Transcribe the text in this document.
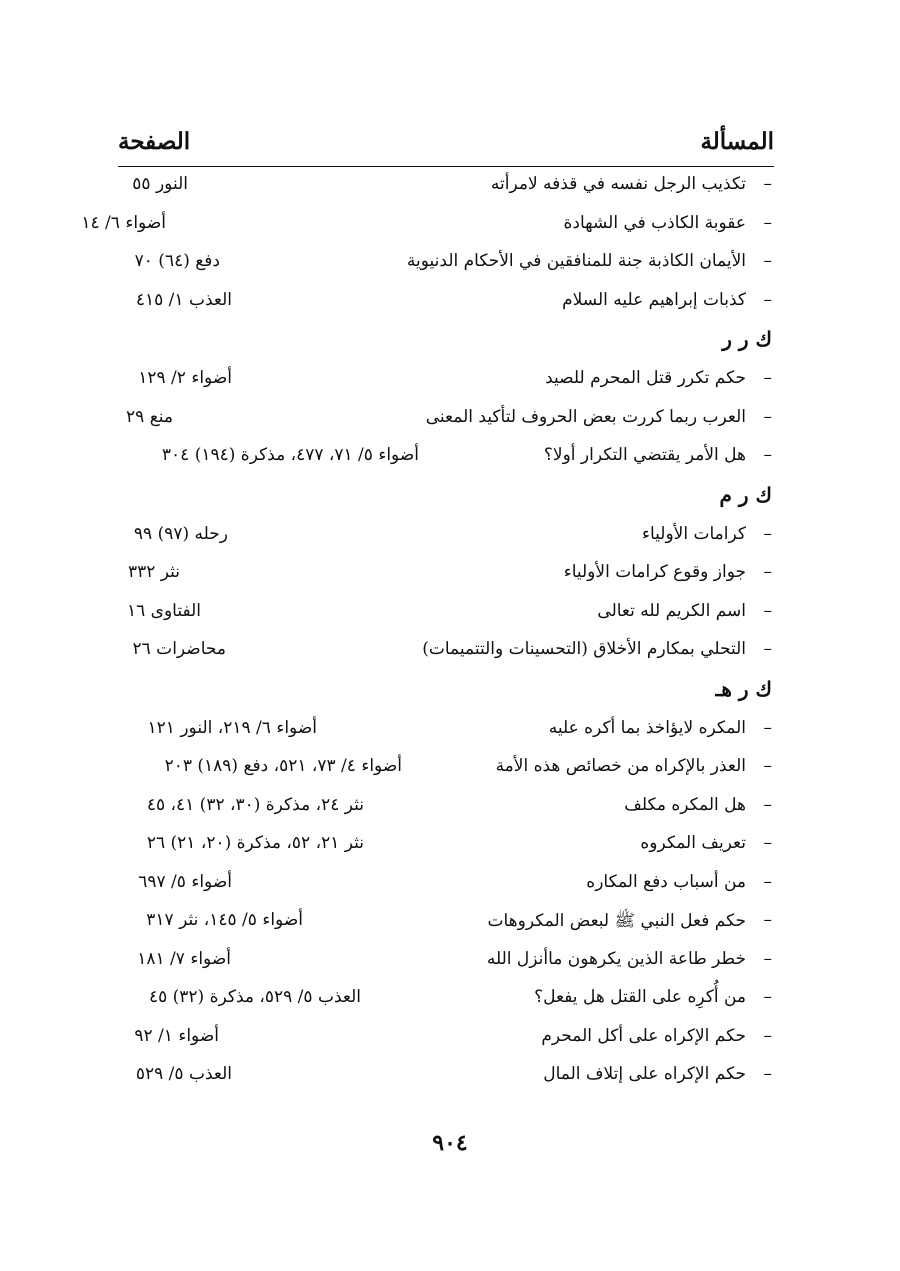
المسألة
الصفحة
–
تكذيب الرجل نفسه في قذفه لامرأته
النور ٥٥
–
عقوبة الكاذب في الشهادة
أضواء ٦/ ١٤
–
الأيمان الكاذبة جنة للمنافقين في الأحكام الدنيوية
دفع (٦٤) ٧٠
–
كذبات إبراهيم عليه السلام
العذب ١/ ٤١٥
ك ر ر
–
حكم تكرر قتل المحرم للصيد
أضواء ٢/ ١٢٩
–
العرب ربما كررت بعض الحروف لتأكيد المعنى
منع ٢٩
–
هل الأمر يقتضي التكرار أولا؟
أضواء ٥/ ٧١، ٤٧٧، مذكرة (١٩٤) ٣٠٤
ك ر م
–
كرامات الأولياء
رحله (٩٧) ٩٩
–
جواز وقوع كرامات الأولياء
نثر ٣٣٢
–
اسم الكريم لله تعالى
الفتاوى ١٦
–
التحلي بمكارم الأخلاق (التحسينات والتتميمات)
محاضرات ٢٦
ك ر هـ
–
المكره لايؤاخذ بما أكره عليه
أضواء ٦/ ٢١٩، النور ١٢١
–
العذر بالإكراه من خصائص هذه الأمة
أضواء ٤/ ٧٣، ٥٢١، دفع (١٨٩) ٢٠٣
–
هل المكره مكلف
نثر ٢٤، مذكرة (٣٠، ٣٢) ٤١، ٤٥
–
تعريف المكروه
نثر ٢١، ٥٢، مذكرة (٢٠، ٢١) ٢٦
–
من أسباب دفع المكاره
أضواء ٥/ ٦٩٧
–
حكم فعل النبي ﷺ لبعض المكروهات
أضواء ٥/ ١٤٥، نثر ٣١٧
–
خطر طاعة الذين يكرهون ماأنزل الله
أضواء ٧/ ١٨١
–
من أُكرِه على القتل هل يفعل؟
العذب ٥/ ٥٢٩، مذكرة (٣٢) ٤٥
–
حكم الإكراه على أكل المحرم
أضواء ١/ ٩٢
–
حكم الإكراه على إتلاف المال
العذب ٥/ ٥٢٩
٩٠٤
